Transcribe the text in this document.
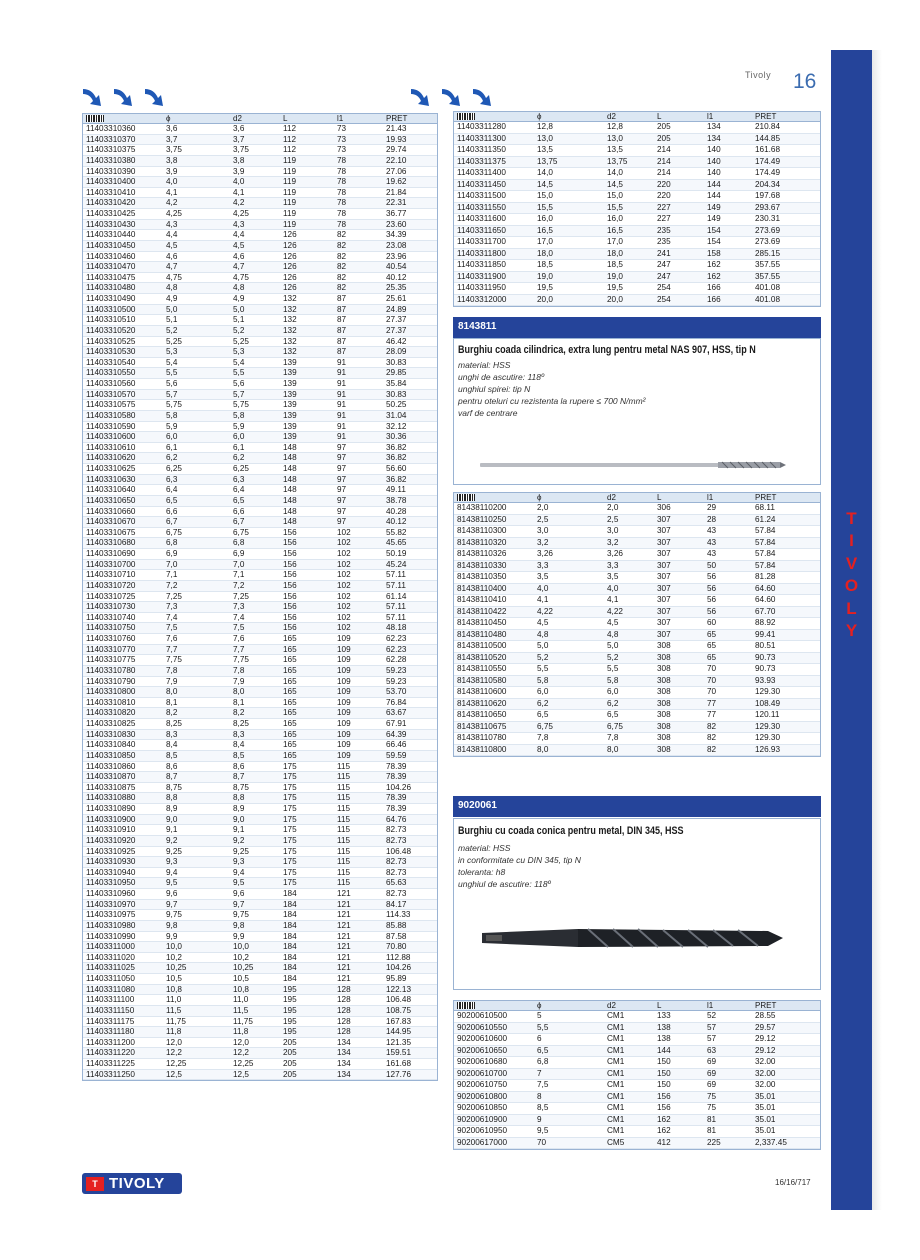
T
I
V
O
L
Y
Tivoly 16
ϕ	d2	L	l1	PRET
11403310360	3,6	3,6	112	73	21.43
11403310370	3,7	3,7	112	73	19.93
11403310375	3,75	3,75	112	73	29.74
11403310380	3,8	3,8	119	78	22.10
11403310390	3,9	3,9	119	78	27.06
11403310400	4,0	4,0	119	78	19.62
11403310410	4,1	4,1	119	78	21.84
11403310420	4,2	4,2	119	78	22.31
11403310425	4,25	4,25	119	78	36.77
11403310430	4,3	4,3	119	78	23.60
11403310440	4,4	4,4	126	82	34.39
11403310450	4,5	4,5	126	82	23.08
11403310460	4,6	4,6	126	82	23.96
11403310470	4,7	4,7	126	82	40.54
11403310475	4,75	4,75	126	82	40.12
11403310480	4,8	4,8	126	82	25.35
11403310490	4,9	4,9	132	87	25.61
11403310500	5,0	5,0	132	87	24.89
11403310510	5,1	5,1	132	87	27.37
11403310520	5,2	5,2	132	87	27.37
11403310525	5,25	5,25	132	87	46.42
11403310530	5,3	5,3	132	87	28.09
11403310540	5,4	5,4	139	91	30.83
11403310550	5,5	5,5	139	91	29.85
11403310560	5,6	5,6	139	91	35.84
11403310570	5,7	5,7	139	91	30.83
11403310575	5,75	5,75	139	91	50.25
11403310580	5,8	5,8	139	91	31.04
11403310590	5,9	5,9	139	91	32.12
11403310600	6,0	6,0	139	91	30.36
11403310610	6,1	6,1	148	97	36.82
11403310620	6,2	6,2	148	97	36.82
11403310625	6,25	6,25	148	97	56.60
11403310630	6,3	6,3	148	97	36.82
11403310640	6,4	6,4	148	97	49.11
11403310650	6,5	6,5	148	97	38.78
11403310660	6,6	6,6	148	97	40.28
11403310670	6,7	6,7	148	97	40.12
11403310675	6,75	6,75	156	102	55.82
11403310680	6,8	6,8	156	102	45.65
11403310690	6,9	6,9	156	102	50.19
11403310700	7,0	7,0	156	102	45.24
11403310710	7,1	7,1	156	102	57.11
11403310720	7,2	7,2	156	102	57.11
11403310725	7,25	7,25	156	102	61.14
11403310730	7,3	7,3	156	102	57.11
11403310740	7,4	7,4	156	102	57.11
11403310750	7,5	7,5	156	102	48.18
11403310760	7,6	7,6	165	109	62.23
11403310770	7,7	7,7	165	109	62.23
11403310775	7,75	7,75	165	109	62.28
11403310780	7,8	7,8	165	109	59.23
11403310790	7,9	7,9	165	109	59.23
11403310800	8,0	8,0	165	109	53.70
11403310810	8,1	8,1	165	109	76.84
11403310820	8,2	8,2	165	109	63.67
11403310825	8,25	8,25	165	109	67.91
11403310830	8,3	8,3	165	109	64.39
11403310840	8,4	8,4	165	109	66.46
11403310850	8,5	8,5	165	109	59.59
11403310860	8,6	8,6	175	115	78.39
11403310870	8,7	8,7	175	115	78.39
11403310875	8,75	8,75	175	115	104.26
11403310880	8,8	8,8	175	115	78.39
11403310890	8,9	8,9	175	115	78.39
11403310900	9,0	9,0	175	115	64.76
11403310910	9,1	9,1	175	115	82.73
11403310920	9,2	9,2	175	115	82.73
11403310925	9,25	9,25	175	115	106.48
11403310930	9,3	9,3	175	115	82.73
11403310940	9,4	9,4	175	115	82.73
11403310950	9,5	9,5	175	115	65.63
11403310960	9,6	9,6	184	121	82.73
11403310970	9,7	9,7	184	121	84.17
11403310975	9,75	9,75	184	121	114.33
11403310980	9,8	9,8	184	121	85.88
11403310990	9,9	9,9	184	121	87.58
11403311000	10,0	10,0	184	121	70.80
11403311020	10,2	10,2	184	121	112.88
11403311025	10,25	10,25	184	121	104.26
11403311050	10,5	10,5	184	121	95.89
11403311080	10,8	10,8	195	128	122.13
11403311100	11,0	11,0	195	128	106.48
11403311150	11,5	11,5	195	128	108.75
11403311175	11,75	11,75	195	128	167.83
11403311180	11,8	11,8	195	128	144.95
11403311200	12,0	12,0	205	134	121.35
11403311220	12,2	12,2	205	134	159.51
11403311225	12,25	12,25	205	134	161.68
11403311250	12,5	12,5	205	134	127.76
ϕ	d2	L	l1	PRET
11403311280	12,8	12,8	205	134	210.84
11403311300	13,0	13,0	205	134	144.85
11403311350	13,5	13,5	214	140	161.68
11403311375	13,75	13,75	214	140	174.49
11403311400	14,0	14,0	214	140	174.49
11403311450	14,5	14,5	220	144	204.34
11403311500	15,0	15,0	220	144	197.68
11403311550	15,5	15,5	227	149	293.67
11403311600	16,0	16,0	227	149	230.31
11403311650	16,5	16,5	235	154	273.69
11403311700	17,0	17,0	235	154	273.69
11403311800	18,0	18,0	241	158	285.15
11403311850	18,5	18,5	247	162	357.55
11403311900	19,0	19,0	247	162	357.55
11403311950	19,5	19,5	254	166	401.08
11403312000	20,0	20,0	254	166	401.08
8143811
Burghiu coada cilindrica, extra lung pentru metal NAS 907, HSS, tip N
material: HSS
unghi de ascutire: 118º
unghiul spirei: tip N
pentru oteluri cu rezistenta la rupere ≤ 700 N/mm²
varf de centrare
ϕ	d2	L	l1	PRET
81438110200	2,0	2,0	306	29	68.11
81438110250	2,5	2,5	307	28	61.24
81438110300	3,0	3,0	307	43	57.84
81438110320	3,2	3,2	307	43	57.84
81438110326	3,26	3,26	307	43	57.84
81438110330	3,3	3,3	307	50	57.84
81438110350	3,5	3,5	307	56	81.28
81438110400	4,0	4,0	307	56	64.60
81438110410	4,1	4,1	307	56	64.60
81438110422	4,22	4,22	307	56	67.70
81438110450	4,5	4,5	307	60	88.92
81438110480	4,8	4,8	307	65	99.41
81438110500	5,0	5,0	308	65	80.51
81438110520	5,2	5,2	308	65	90.73
81438110550	5,5	5,5	308	70	90.73
81438110580	5,8	5,8	308	70	93.93
81438110600	6,0	6,0	308	70	129.30
81438110620	6,2	6,2	308	77	108.49
81438110650	6,5	6,5	308	77	120.11
81438110675	6,75	6,75	308	82	129.30
81438110780	7,8	7,8	308	82	129.30
81438110800	8,0	8,0	308	82	126.93
9020061
Burghiu cu coada conica pentru metal, DIN 345, HSS
material: HSS
in conformitate cu DIN 345, tip N
toleranta: h8
unghiul de ascutire: 118º
ϕ	d2	L	l1	PRET
90200610500	5	CM1	133	52	28.55
90200610550	5,5	CM1	138	57	29.57
90200610600	6	CM1	138	57	29.12
90200610650	6,5	CM1	144	63	29.12
90200610680	6,8	CM1	150	69	32.00
90200610700	7	CM1	150	69	32.00
90200610750	7,5	CM1	150	69	32.00
90200610800	8	CM1	156	75	35.01
90200610850	8,5	CM1	156	75	35.01
90200610900	9	CM1	162	81	35.01
90200610950	9,5	CM1	162	81	35.01
90200617000	70	CM5	412	225	2,337.45
T TIVOLY	16/16/717
